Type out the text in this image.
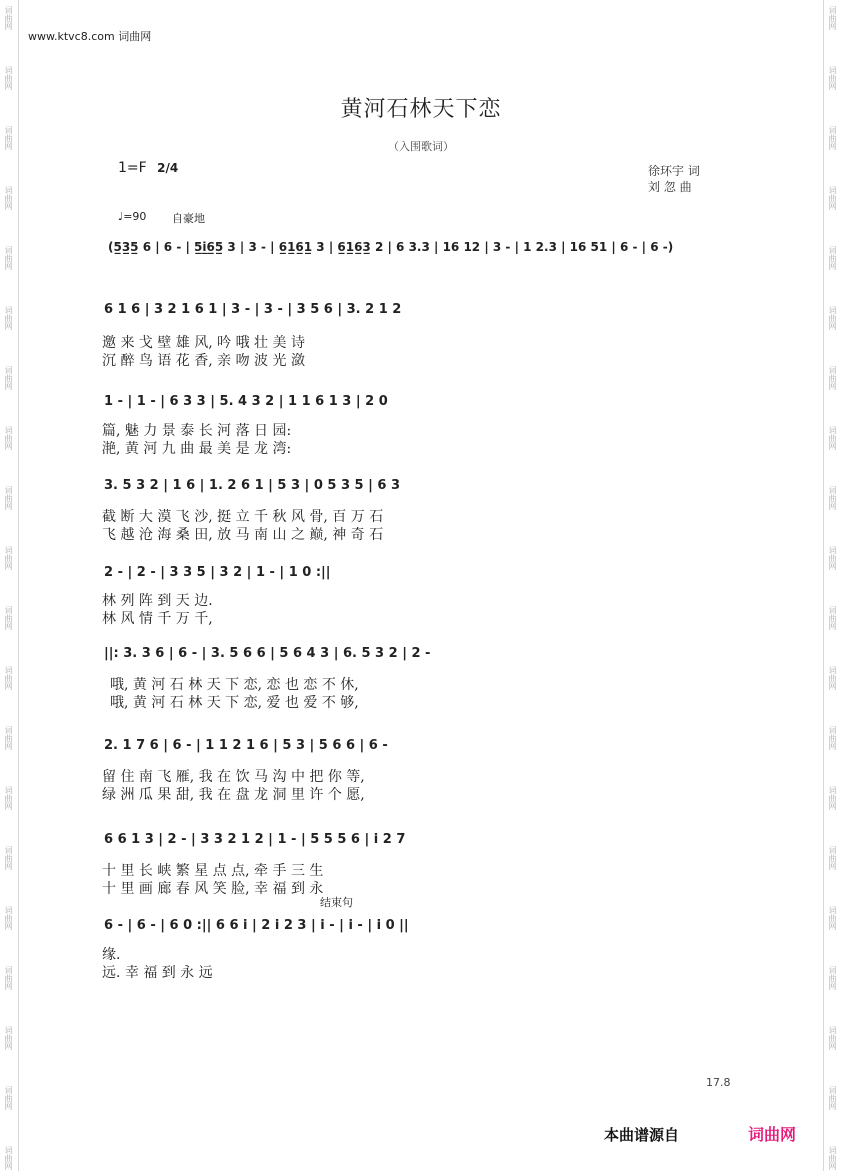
词曲网
词曲网
词曲网
词曲网
词曲网
词曲网
词曲网
词曲网
词曲网
词曲网
词曲网
词曲网
词曲网
词曲网
词曲网
词曲网
词曲网
词曲网
词曲网
词曲网
词曲网
词曲网
词曲网
词曲网
词曲网
词曲网
词曲网
词曲网
词曲网
词曲网
词曲网
词曲网
词曲网
词曲网
词曲网
词曲网
词曲网
词曲网
词曲网
词曲网
www.ktvc8.com 词曲网
黄河石林天下恋
（入围歌词）
1=F 2/4	徐环宇 词
刘 忽 曲
♩=90 自豪地
(5̲3̲5̲ 6 | 6 - | 5̲i̲6̲5̲ 3 | 3 - | 6̲1̲6̲1̲ 3 | 6̲1̲6̲3̲ 2 | 6 3.3 | 16 12 | 3 - | 1 2.3 | 16 51 | 6 - | 6 -)
6 1 6 | 3 2 1 6 1 | 3 - | 3 - | 3 5 6 | 3. 2 1 2
邀 来 戈 壁 雄 风, 吟 哦 壮 美 诗
沉 醉 鸟 语 花 香, 亲 吻 波 光 潋
1 - | 1 - | 6 3 3 | 5. 4 3 2 | 1 1 6 1 3 | 2 0
篇, 魅 力 景 泰 长 河 落 日 园:
滟, 黄 河 九 曲 最 美 是 龙 湾:
3. 5 3 2 | 1 6 | 1. 2 6 1 | 5 3 | 0 5 3 5 | 6 3
截 断 大 漠 飞 沙, 挺 立 千 秋 风 骨, 百 万 石
飞 越 沧 海 桑 田, 放 马 南 山 之 巅, 神 奇 石
2 - | 2 - | 3 3 5 | 3 2 | 1 - | 1 0 :||
林 列 阵 到 天 边.
林 风 情 千 万 千,
||: 3. 3 6 | 6 - | 3. 5 6 6 | 5 6 4 3 | 6. 5 3 2 | 2 -
哦, 黄 河 石 林 天 下 恋, 恋 也 恋 不 休,
哦, 黄 河 石 林 天 下 恋, 爱 也 爱 不 够,
2. 1 7 6 | 6 - | 1 1 2 1 6 | 5 3 | 5 6 6 | 6 -
留 住 南 飞 雁, 我 在 饮 马 沟 中 把 你 等,
绿 洲 瓜 果 甜, 我 在 盘 龙 洞 里 许 个 愿,
6 6 1 3 | 2 - | 3 3 2 1 2 | 1 - | 5 5 5 6 | i 2 7
十 里 长 峡 繁 星 点 点, 牵 手 三 生
十 里 画 廊 春 风 笑 脸, 幸 福 到 永
结束句
6 - | 6 - | 6 0 :|| 6 6 i | 2 i 2 3 | i - | i - | i 0 ||
缘.
远. 幸 福 到 永 远
17.8
本曲谱源自	词曲网
